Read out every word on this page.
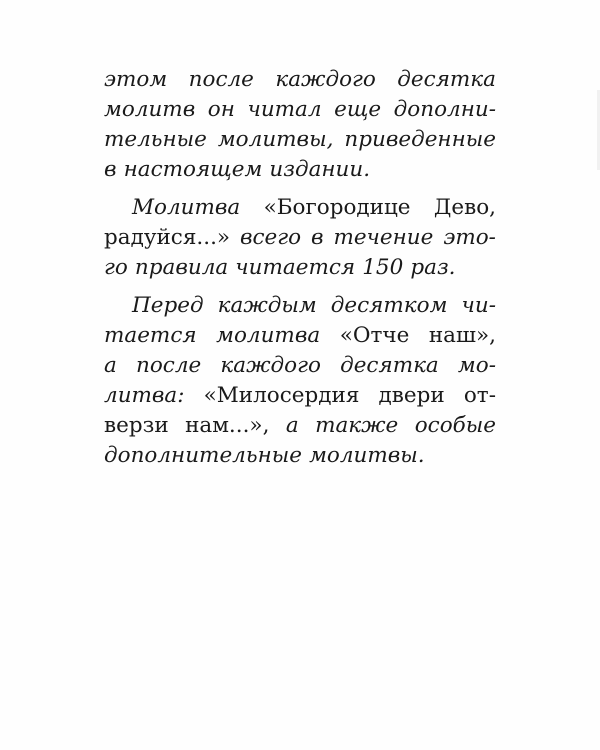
этом после каждого десятка
молитв он читал еще дополни-
тельные молитвы, приведенные
в настоящем издании.
Молитва «Богородице Дево,
радуйся...» всего в течение это-
го правила читается 150 раз.
Перед каждым десятком чи-
тается молитва «Отче наш»,
а после каждого десятка мо-
литва: «Милосердия двери от-
верзи нам...», а также особые
дополнительные молитвы.
